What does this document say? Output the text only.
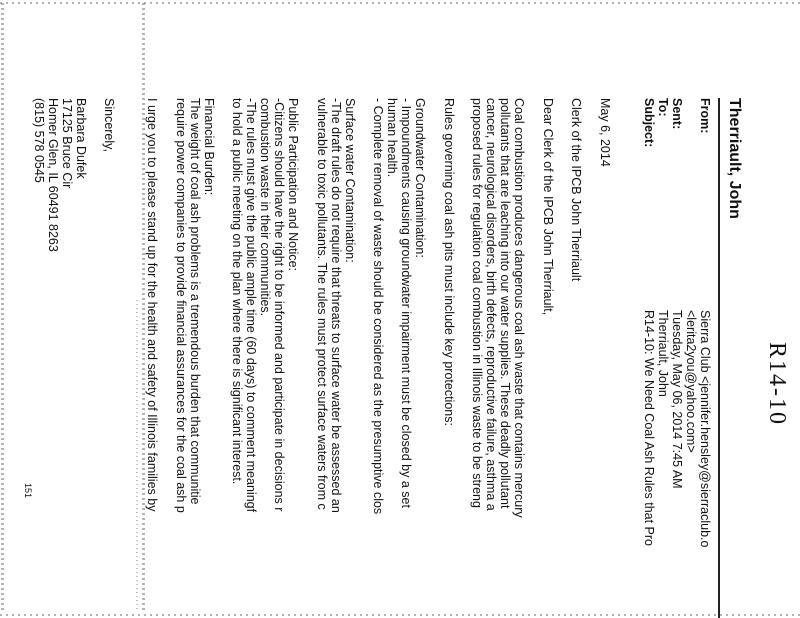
R14-10
Therriault, John
From:
Sierra Club <jennifer.hensley@sierraclub.o
<lerita2you@yahoo.com>
Sent:
Tuesday, May 06, 2014 7:45 AM
To:
Therriault, John
Subject:
R14-10: We Need Coal Ash Rules that Pro
May 6, 2014
Clerk of the IPCB John Therriault
Dear Clerk of the IPCB John Therriault,
Coal combustion produces dangerous coal ash waste that contains mercury
pollutants that are leaching into our water supplies. These deadly pollutant
cancer, neurological disorders, birth defects, reproductive failure, asthma a
proposed rules for regulation coal combustion in Illinois waste to be streng
Rules governing coal ash pits must include key protections:
Groundwater Contamination:
- Impoundments causing groundwater impairment must be closed by a set
human health.
- Complete removal of waste should be considered as the presumptive clos
Surface water Contamination:
-The draft rules do not require that threats to surface water be assessed an
vulnerable to toxic pollutants. The rules must protect surface waters from c
Public Participation and Notice:
-Citizens should have the right to be informed and participate in decisions r
combustion waste in their communities.
-The rules must give the public ample time (60 days) to comment meaningf
to hold a public meeting on the plan where there is significant interest.
Financial Burden:
The weight of coal ash problems is a tremendous burden that communitie
require power companies to provide financial assurances for the coal ash p
I urge you to please stand up for the health and safety of Illinois families by
Sincerely,
Barbara Dufek
17125 Bruce Cir
Homer Glen, IL 60491 8263
(815) 578 0545
151
